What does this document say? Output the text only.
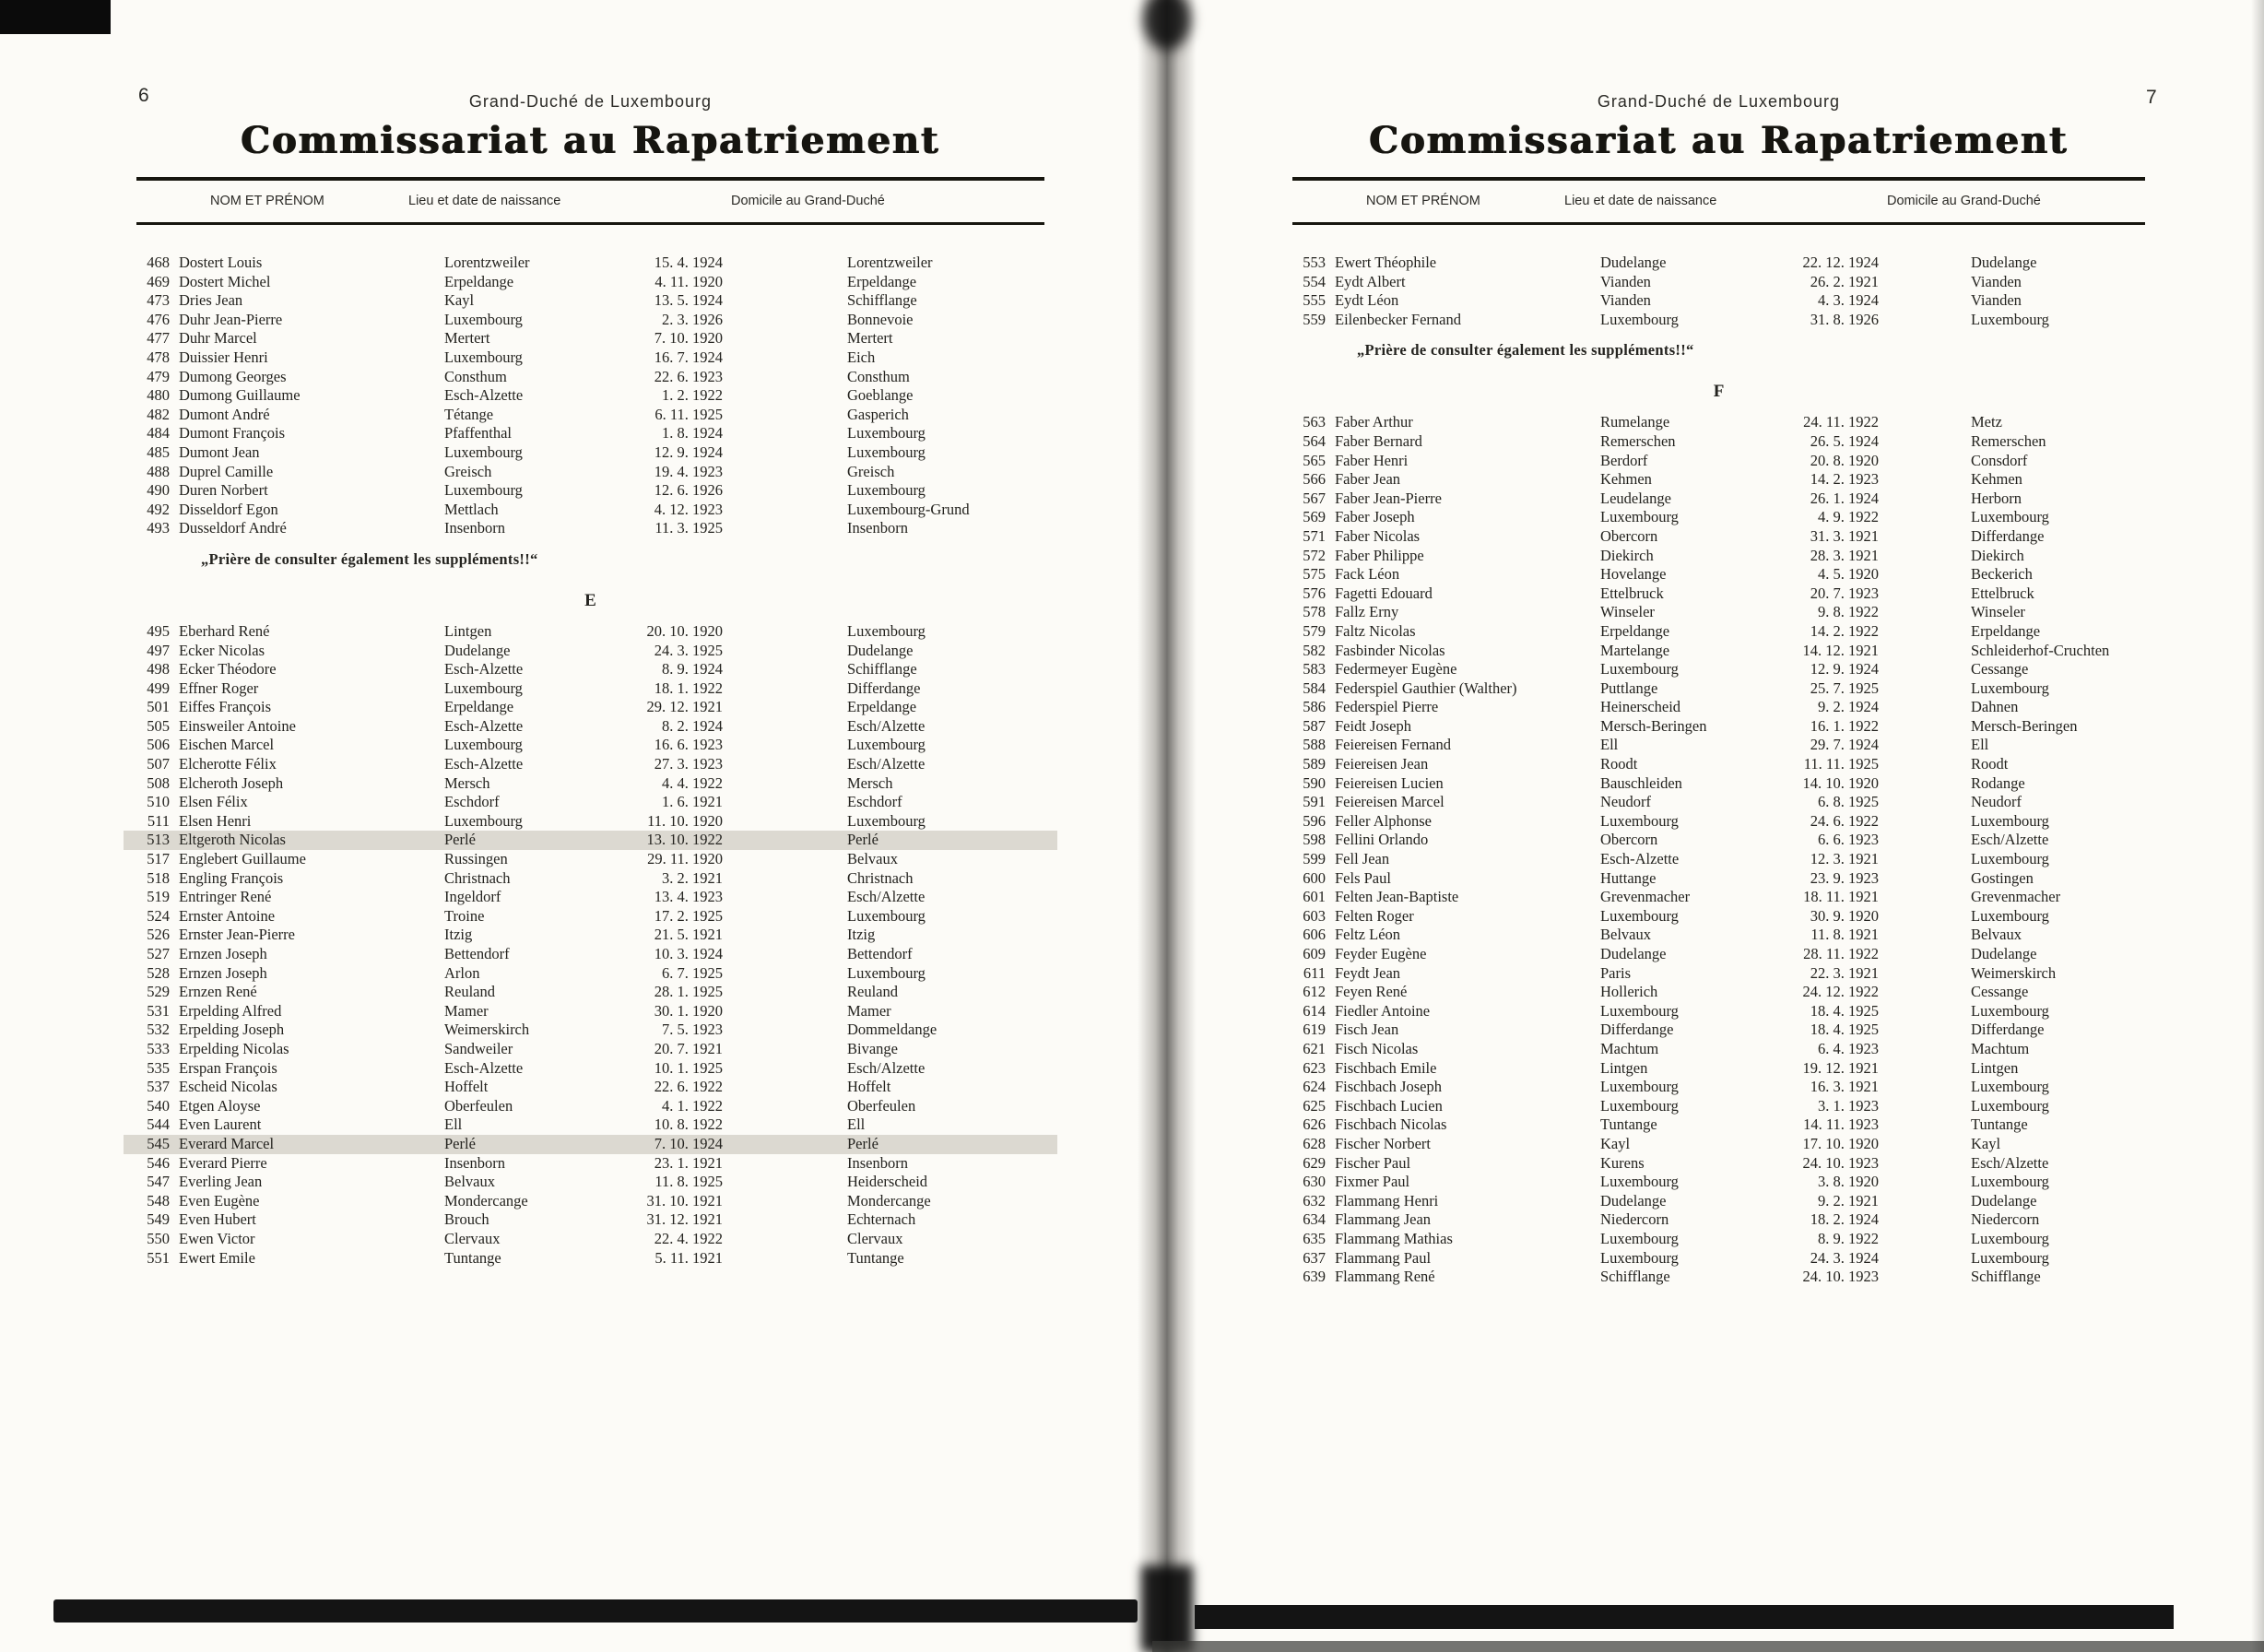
6	7
Grand-Duché de Luxembourg
Commissariat au Rapatriement
NOM ET PRÉNOM	Lieu et date de naissance	Domicile au Grand-Duché
468 Dostert Louis	Lorentzweiler	15. 4. 1924	Lorentzweiler
469 Dostert Michel	Erpeldange	4. 11. 1920	Erpeldange
473 Dries Jean	Kayl	13. 5. 1924	Schifflange
476 Duhr Jean-Pierre	Luxembourg	2. 3. 1926	Bonnevoie
477 Duhr Marcel	Mertert	7. 10. 1920	Mertert
478 Duissier Henri	Luxembourg	16. 7. 1924	Eich
479 Dumong Georges	Consthum	22. 6. 1923	Consthum
480 Dumong Guillaume	Esch-Alzette	1. 2. 1922	Goeblange
482 Dumont André	Tétange	6. 11. 1925	Gasperich
484 Dumont François	Pfaffenthal	1. 8. 1924	Luxembourg
485 Dumont Jean	Luxembourg	12. 9. 1924	Luxembourg
488 Duprel Camille	Greisch	19. 4. 1923	Greisch
490 Duren Norbert	Luxembourg	12. 6. 1926	Luxembourg
492 Disseldorf Egon	Mettlach	4. 12. 1923	Luxembourg-Grund
493 Dusseldorf André	Insenborn	11. 3. 1925	Insenborn
„Prière de consulter également les suppléments!!“
E
495 Eberhard René	Lintgen	20. 10. 1920	Luxembourg
497 Ecker Nicolas	Dudelange	24. 3. 1925	Dudelange
498 Ecker Théodore	Esch-Alzette	8. 9. 1924	Schifflange
499 Effner Roger	Luxembourg	18. 1. 1922	Differdange
501 Eiffes François	Erpeldange	29. 12. 1921	Erpeldange
505 Einsweiler Antoine	Esch-Alzette	8. 2. 1924	Esch/Alzette
506 Eischen Marcel	Luxembourg	16. 6. 1923	Luxembourg
507 Elcherotte Félix	Esch-Alzette	27. 3. 1923	Esch/Alzette
508 Elcheroth Joseph	Mersch	4. 4. 1922	Mersch
510 Elsen Félix	Eschdorf	1. 6. 1921	Eschdorf
511 Elsen Henri	Luxembourg	11. 10. 1920	Luxembourg
513 Eltgeroth Nicolas	Perlé	13. 10. 1922	Perlé
517 Englebert Guillaume	Russingen	29. 11. 1920	Belvaux
518 Engling François	Christnach	3. 2. 1921	Christnach
519 Entringer René	Ingeldorf	13. 4. 1923	Esch/Alzette
524 Ernster Antoine	Troine	17. 2. 1925	Luxembourg
526 Ernster Jean-Pierre	Itzig	21. 5. 1921	Itzig
527 Ernzen Joseph	Bettendorf	10. 3. 1924	Bettendorf
528 Ernzen Joseph	Arlon	6. 7. 1925	Luxembourg
529 Ernzen René	Reuland	28. 1. 1925	Reuland
531 Erpelding Alfred	Mamer	30. 1. 1920	Mamer
532 Erpelding Joseph	Weimerskirch	7. 5. 1923	Dommeldange
533 Erpelding Nicolas	Sandweiler	20. 7. 1921	Bivange
535 Erspan François	Esch-Alzette	10. 1. 1925	Esch/Alzette
537 Escheid Nicolas	Hoffelt	22. 6. 1922	Hoffelt
540 Etgen Aloyse	Oberfeulen	4. 1. 1922	Oberfeulen
544 Even Laurent	Ell	10. 8. 1922	Ell
545 Everard Marcel	Perlé	7. 10. 1924	Perlé
546 Everard Pierre	Insenborn	23. 1. 1921	Insenborn
547 Everling Jean	Belvaux	11. 8. 1925	Heiderscheid
548 Even Eugène	Mondercange	31. 10. 1921	Mondercange
549 Even Hubert	Brouch	31. 12. 1921	Echternach
550 Ewen Victor	Clervaux	22. 4. 1922	Clervaux
551 Ewert Emile	Tuntange	5. 11. 1921	Tuntange
Grand-Duché de Luxembourg
Commissariat au Rapatriement
NOM ET PRÉNOM	Lieu et date de naissance	Domicile au Grand-Duché
553 Ewert Théophile	Dudelange	22. 12. 1924	Dudelange
554 Eydt Albert	Vianden	26. 2. 1921	Vianden
555 Eydt Léon	Vianden	4. 3. 1924	Vianden
559 Eilenbecker Fernand	Luxembourg	31. 8. 1926	Luxembourg
„Prière de consulter également les suppléments!!“
F
563 Faber Arthur	Rumelange	24. 11. 1922	Metz
564 Faber Bernard	Remerschen	26. 5. 1924	Remerschen
565 Faber Henri	Berdorf	20. 8. 1920	Consdorf
566 Faber Jean	Kehmen	14. 2. 1923	Kehmen
567 Faber Jean-Pierre	Leudelange	26. 1. 1924	Herborn
569 Faber Joseph	Luxembourg	4. 9. 1922	Luxembourg
571 Faber Nicolas	Obercorn	31. 3. 1921	Differdange
572 Faber Philippe	Diekirch	28. 3. 1921	Diekirch
575 Fack Léon	Hovelange	4. 5. 1920	Beckerich
576 Fagetti Edouard	Ettelbruck	20. 7. 1923	Ettelbruck
578 Fallz Erny	Winseler	9. 8. 1922	Winseler
579 Faltz Nicolas	Erpeldange	14. 2. 1922	Erpeldange
582 Fasbinder Nicolas	Martelange	14. 12. 1921	Schleiderhof-Cruchten
583 Federmeyer Eugène	Luxembourg	12. 9. 1924	Cessange
584 Federspiel Gauthier (Walther)	Puttlange	25. 7. 1925	Luxembourg
586 Federspiel Pierre	Heinerscheid	9. 2. 1924	Dahnen
587 Feidt Joseph	Mersch-Beringen	16. 1. 1922	Mersch-Beringen
588 Feiereisen Fernand	Ell	29. 7. 1924	Ell
589 Feiereisen Jean	Roodt	11. 11. 1925	Roodt
590 Feiereisen Lucien	Bauschleiden	14. 10. 1920	Rodange
591 Feiereisen Marcel	Neudorf	6. 8. 1925	Neudorf
596 Feller Alphonse	Luxembourg	24. 6. 1922	Luxembourg
598 Fellini Orlando	Obercorn	6. 6. 1923	Esch/Alzette
599 Fell Jean	Esch-Alzette	12. 3. 1921	Luxembourg
600 Fels Paul	Huttange	23. 9. 1923	Gostingen
601 Felten Jean-Baptiste	Grevenmacher	18. 11. 1921	Grevenmacher
603 Felten Roger	Luxembourg	30. 9. 1920	Luxembourg
606 Feltz Léon	Belvaux	11. 8. 1921	Belvaux
609 Feyder Eugène	Dudelange	28. 11. 1922	Dudelange
611 Feydt Jean	Paris	22. 3. 1921	Weimerskirch
612 Feyen René	Hollerich	24. 12. 1922	Cessange
614 Fiedler Antoine	Luxembourg	18. 4. 1925	Luxembourg
619 Fisch Jean	Differdange	18. 4. 1925	Differdange
621 Fisch Nicolas	Machtum	6. 4. 1923	Machtum
623 Fischbach Emile	Lintgen	19. 12. 1921	Lintgen
624 Fischbach Joseph	Luxembourg	16. 3. 1921	Luxembourg
625 Fischbach Lucien	Luxembourg	3. 1. 1923	Luxembourg
626 Fischbach Nicolas	Tuntange	14. 11. 1923	Tuntange
628 Fischer Norbert	Kayl	17. 10. 1920	Kayl
629 Fischer Paul	Kurens	24. 10. 1923	Esch/Alzette
630 Fixmer Paul	Luxembourg	3. 8. 1920	Luxembourg
632 Flammang Henri	Dudelange	9. 2. 1921	Dudelange
634 Flammang Jean	Niedercorn	18. 2. 1924	Niedercorn
635 Flammang Mathias	Luxembourg	8. 9. 1922	Luxembourg
637 Flammang Paul	Luxembourg	24. 3. 1924	Luxembourg
639 Flammang René	Schifflange	24. 10. 1923	Schifflange
